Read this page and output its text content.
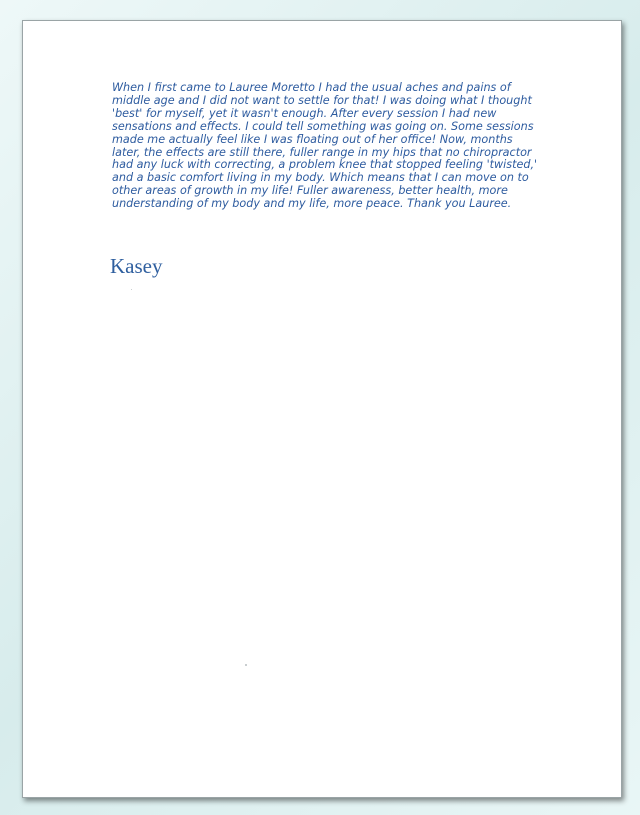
When I first came to Lauree Moretto I had the usual aches and pains of middle age and I did not want to settle for that! I was doing what I thought 'best' for myself, yet it wasn't enough. After every session I had new sensations and effects. I could tell something was going on. Some sessions made me actually feel like I was floating out of her office! Now, months later, the effects are still there, fuller range in my hips that no chiropractor had any luck with correcting, a problem knee that stopped feeling 'twisted,'

and a basic comfort living in my body. Which means that I can move on to other areas of growth in my life! Fuller awareness, better health, more understanding of my body and my life, more peace. Thank you Lauree.

Kasey
